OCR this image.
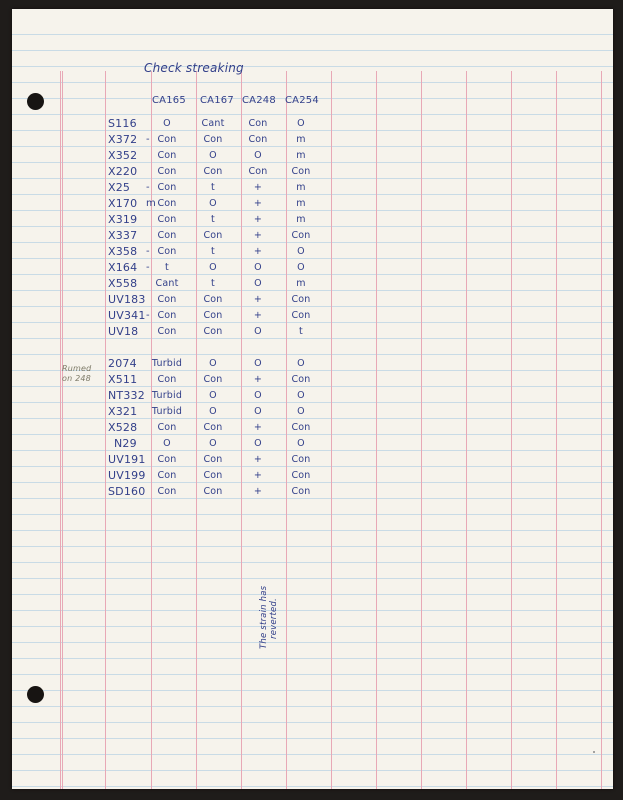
Check streaking
CA165 CA167 CA248 CA254
Rumed
on 248
The strain has reverted.
S116	O	Cant	Con	O
X372 - Con	Con	Con	m
X352 Con	O	O	m
X220 Con	Con	Con	Con
X25 - Con	t	+	m
X170 m Con	O	+	m
X319 Con	t	+	m
X337 Con	Con	+	Con
X358 - Con	t	+	O
X164 - t	O	O	O
X558 Cant	t	O	m
UV183 Con	Con	+	Con
UV341 - Con	Con	+	Con
UV18 Con	Con	O	t
2074 Turbid	O	O	O
X511 Con	Con	+	Con
NT332 Turbid	O	O	O
X321 Turbid	O	O	O
X528 Con	Con	+	Con
N29	O	O	O	O
UV191 Con	Con	+	Con
UV199 Con	Con	+	Con
SD160 Con	Con	+	Con
